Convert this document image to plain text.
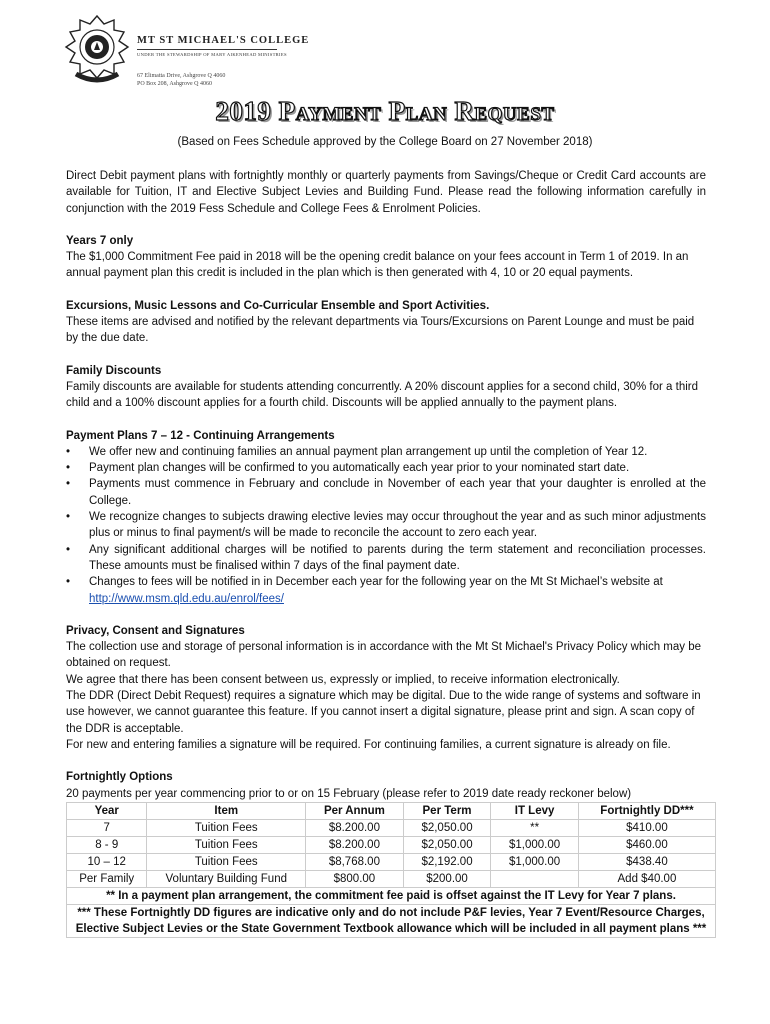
MT ST MICHAEL'S COLLEGE
UNDER THE STEWARDSHIP OF MARY AIKENHEAD MINISTRIES
67 Elimatta Drive, Ashgrove Q 4060
PO Box 208, Ashgrove Q 4060
2019 Payment Plan Request
(Based on Fees Schedule approved by the College Board on 27 November 2018)

Direct Debit payment plans with fortnightly monthly or quarterly payments from Savings/Cheque or Credit Card accounts are available for Tuition, IT and Elective Subject Levies and Building Fund. Please read the following information carefully in conjunction with the 2019 Fess Schedule and College Fees & Enrolment Policies.

Years 7 only

The $1,000 Commitment Fee paid in 2018 will be the opening credit balance on your fees account in Term 1 of 2019. In an annual payment plan this credit is included in the plan which is then generated with 4, 10 or 20 equal payments.

Excursions, Music Lessons and Co-Curricular Ensemble and Sport Activities.

These items are advised and notified by the relevant departments via Tours/Excursions on Parent Lounge and must be paid by the due date.

Family Discounts

Family discounts are available for students attending concurrently. A 20% discount applies for a second child, 30% for a third child and a 100% discount applies for a fourth child. Discounts will be applied annually to the payment plans.

Payment Plans 7 – 12 - Continuing Arrangements
• We offer new and continuing families an annual payment plan arrangement up until the completion of Year 12.
• Payment plan changes will be confirmed to you automatically each year prior to your nominated start date.
• Payments must commence in February and conclude in November of each year that your daughter is enrolled at the College.
• We recognize changes to subjects drawing elective levies may occur throughout the year and as such minor adjustments plus or minus to final payment/s will be made to reconcile the account to zero each year.
• Any significant additional charges will be notified to parents during the term statement and reconciliation processes. These amounts must be finalised within 7 days of the final payment date.
• Changes to fees will be notified in in December each year for the following year on the Mt St Michael’s website at
http://www.msm.qld.edu.au/enrol/fees/
Privacy, Consent and Signatures

The collection use and storage of personal information is in accordance with the Mt St Michael's Privacy Policy which may be obtained on request.

We agree that there has been consent between us, expressly or implied, to receive information electronically.

The DDR (Direct Debit Request) requires a signature which may be digital. Due to the wide range of systems and software in use however, we cannot guarantee this feature. If you cannot insert a digital signature, please print and sign. A scan copy of the DDR is acceptable.

For new and entering families a signature will be required. For continuing families, a current signature is already on file.

Fortnightly Options

20 payments per year commencing prior to or on 15 February (please refer to 2019 date ready reckoner below)

Year	Item	Per Annum	Per Term	IT Levy	Fortnightly DD***
7	Tuition Fees	$8.200.00	$2,050.00	**	$410.00
8 - 9	Tuition Fees	$8.200.00	$2,050.00	$1,000.00	$460.00
10 – 12	Tuition Fees	$8,768.00	$2,192.00	$1,000.00	$438.40
Per Family	Voluntary Building Fund	$800.00	$200.00		Add $40.00
** In a payment plan arrangement, the commitment fee paid is offset against the IT Levy for Year 7 plans.					
*** These Fortnightly DD figures are indicative only and do not include P&F levies, Year 7 Event/Resource Charges, Elective Subject Levies or the State Government Textbook allowance which will be included in all payment plans ***					
